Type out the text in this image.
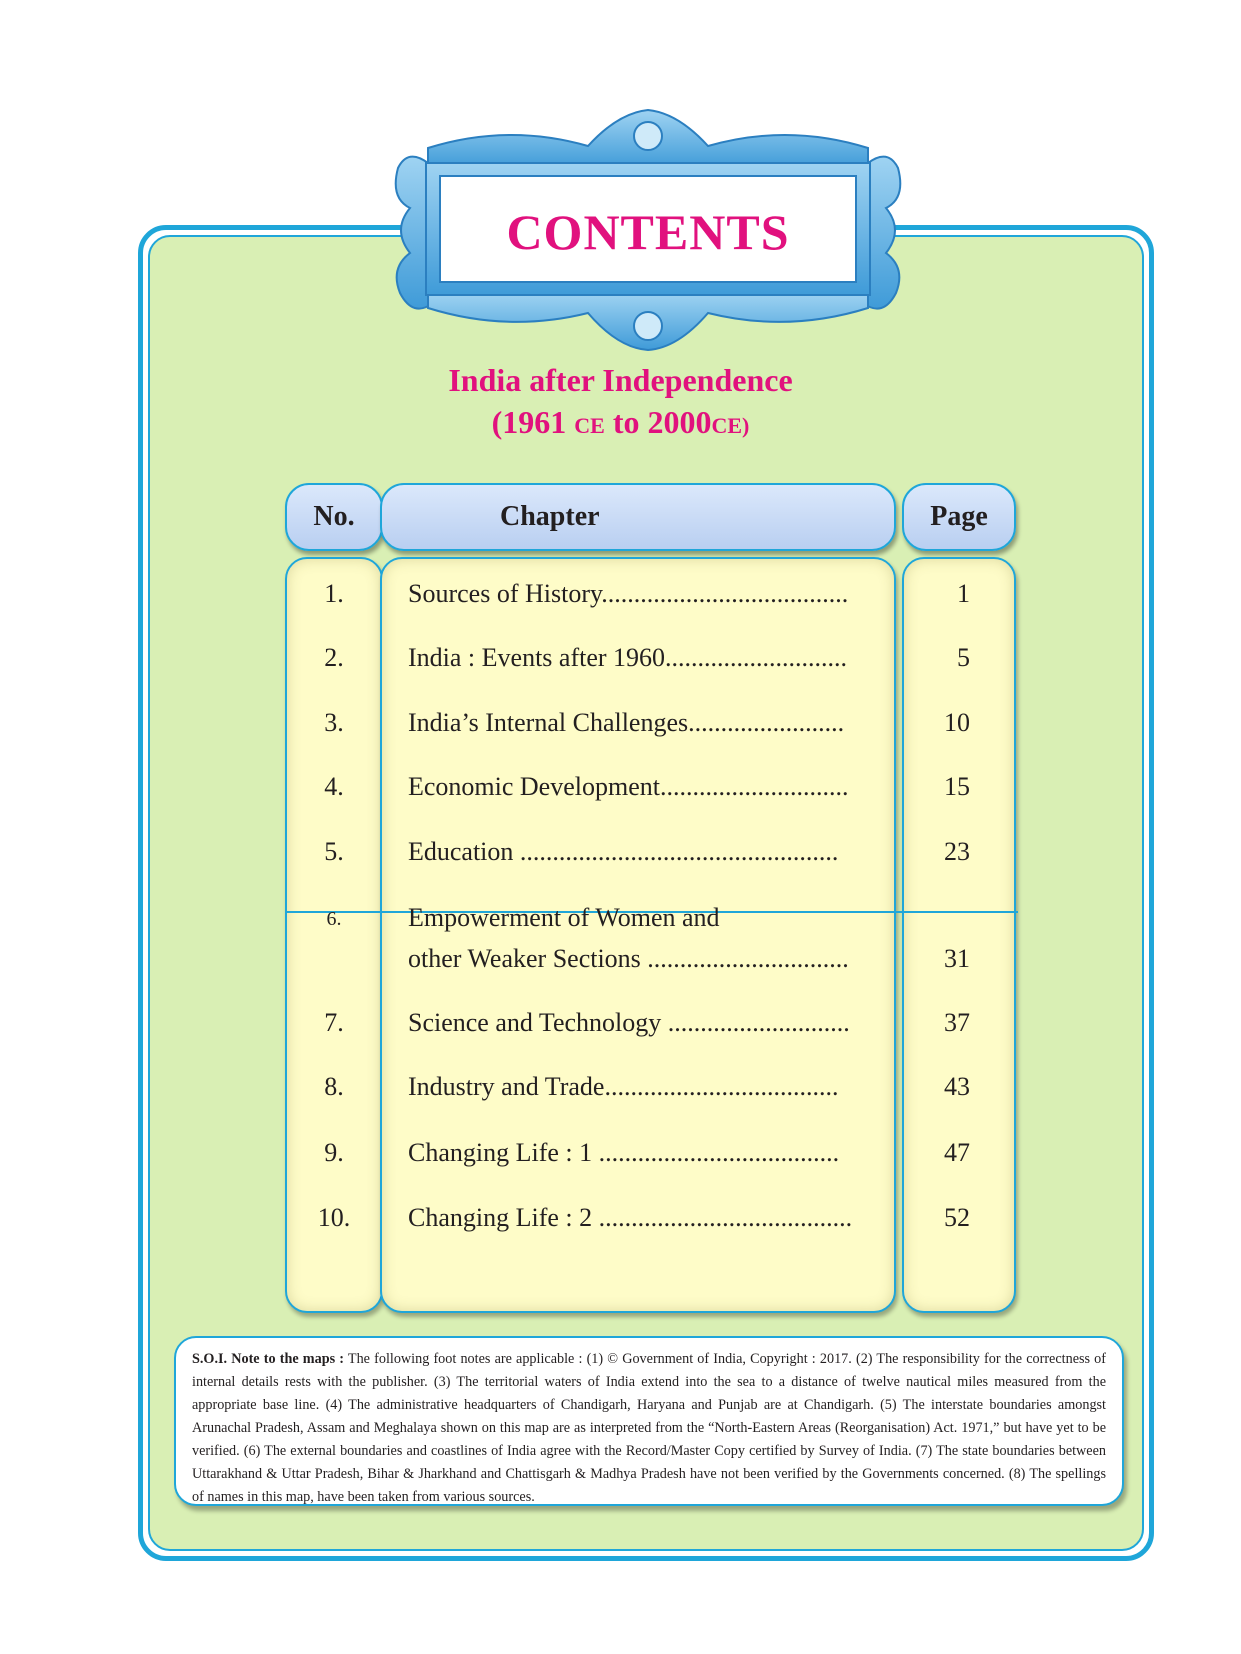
CONTENTS
India after Independence
(1961 CE to 2000CE)
No.	Chapter	Page
1.	Sources of History......................................	1
2.	India : Events after 1960............................	5
3.	India’s Internal Challenges........................	10
4.	Economic Development.............................	15
5.	Education .................................................	23
6.	Empowerment of Women and
other Weaker Sections ...............................	31
7.	Science and Technology ............................	37
8.	Industry and Trade....................................	43
9.	Changing Life : 1 .....................................	47
10.	Changing Life : 2 .......................................	52
S.O.I. Note to the maps : The following foot notes are applicable : (1) © Government of India, Copyright : 2017. (2) The responsibility for the correctness of internal details rests with the publisher. (3) The territorial waters of India extend into the sea to a distance of twelve nautical miles measured from the appropriate base line. (4) The administrative headquarters of Chandigarh, Haryana and Punjab are at Chandigarh. (5) The interstate boundaries amongst Arunachal Pradesh, Assam and Meghalaya shown on this map are as interpreted from the “North-Eastern Areas (Reorganisation) Act. 1971,” but have yet to be verified. (6) The external boundaries and coastlines of India agree with the Record/Master Copy certified by Survey of India. (7) The state boundaries between Uttarakhand & Uttar Pradesh, Bihar & Jharkhand and Chattisgarh & Madhya Pradesh have not been verified by the Governments concerned. (8) The spellings of names in this map, have been taken from various sources.
